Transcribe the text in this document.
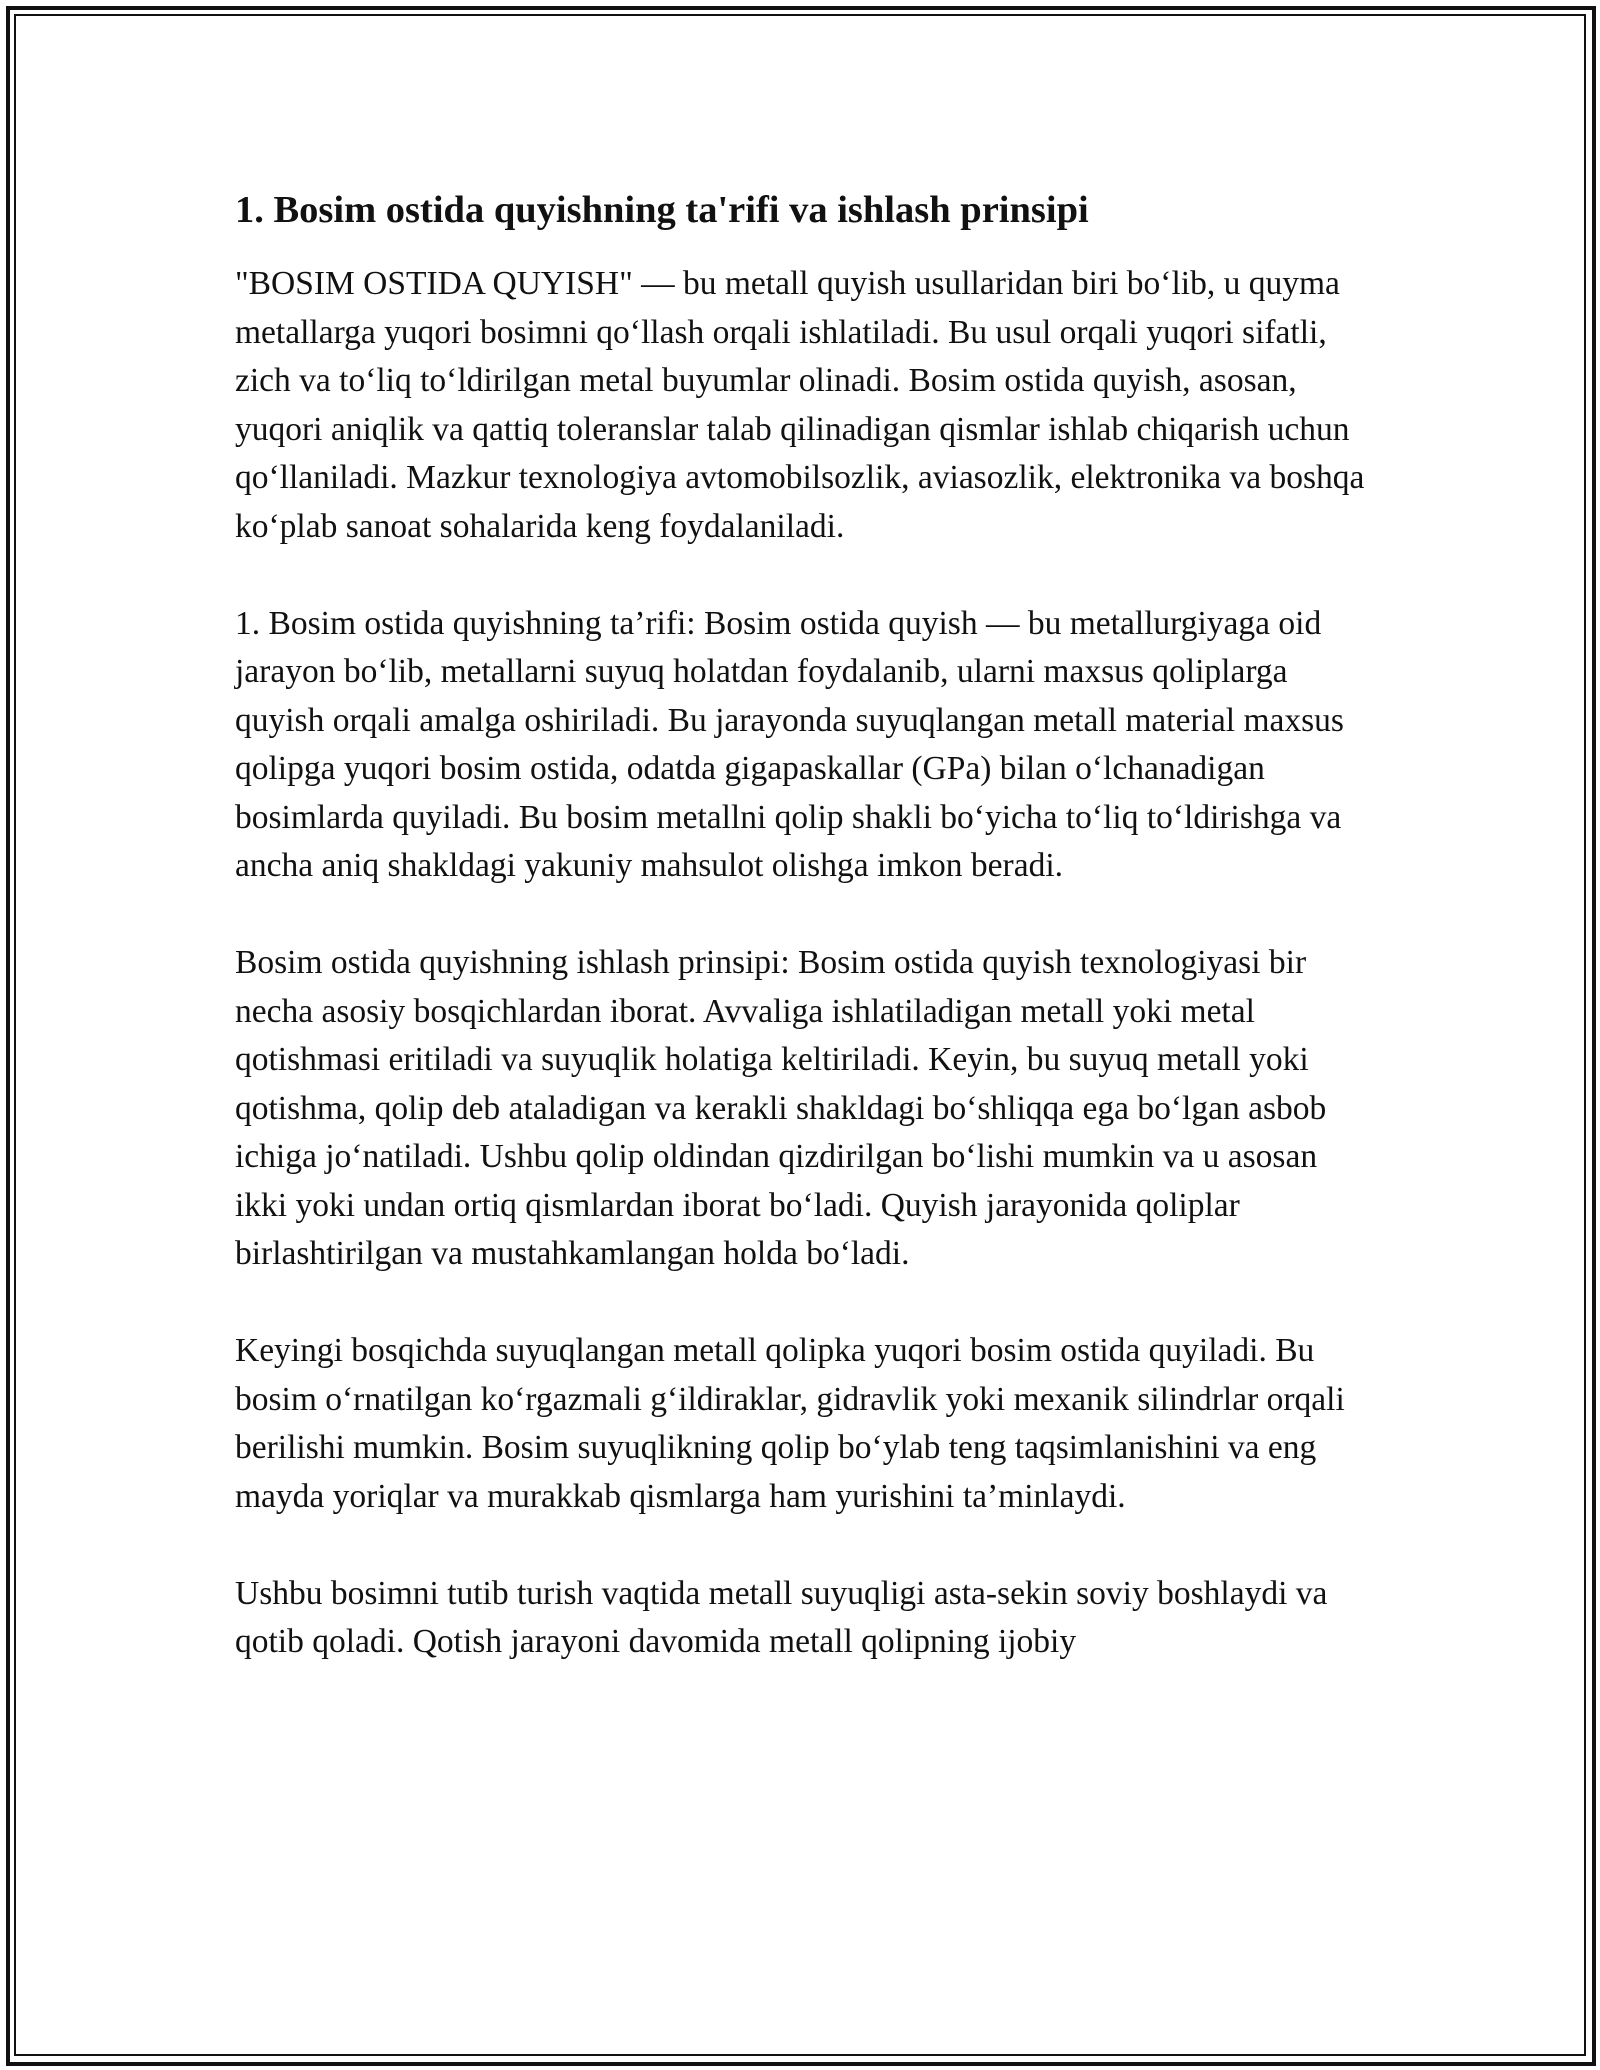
1. Bosim ostida quyishning ta'rifi va ishlash prinsipi

"BOSIM OSTIDA QUYISH" — bu metall quyish usullaridan biri bo‘lib, u quyma metallarga yuqori bosimni qo‘llash orqali ishlatiladi. Bu usul orqali yuqori sifatli, zich va to‘liq to‘ldirilgan metal buyumlar olinadi. Bosim ostida quyish, asosan, yuqori aniqlik va qattiq toleranslar talab qilinadigan qismlar ishlab chiqarish uchun qo‘llaniladi. Mazkur texnologiya avtomobilsozlik, aviasozlik, elektronika va boshqa ko‘plab sanoat sohalarida keng foydalaniladi.

1. Bosim ostida quyishning ta’rifi: Bosim ostida quyish — bu metallurgiyaga oid jarayon bo‘lib, metallarni suyuq holatdan foydalanib, ularni maxsus qoliplarga quyish orqali amalga oshiriladi. Bu jarayonda suyuqlangan metall material maxsus qolipga yuqori bosim ostida, odatda gigapaskallar (GPa) bilan o‘lchanadigan bosimlarda quyiladi. Bu bosim metallni qolip shakli bo‘yicha to‘liq to‘ldirishga va ancha aniq shakldagi yakuniy mahsulot olishga imkon beradi.

Bosim ostida quyishning ishlash prinsipi: Bosim ostida quyish texnologiyasi bir necha asosiy bosqichlardan iborat. Avvaliga ishlatiladigan metall yoki metal qotishmasi eritiladi va suyuqlik holatiga keltiriladi. Keyin, bu suyuq metall yoki qotishma, qolip deb ataladigan va kerakli shakldagi bo‘shliqqa ega bo‘lgan asbob ichiga jo‘natiladi. Ushbu qolip oldindan qizdirilgan bo‘lishi mumkin va u asosan ikki yoki undan ortiq qismlardan iborat bo‘ladi. Quyish jarayonida qoliplar birlashtirilgan va mustahkamlangan holda bo‘ladi.

Keyingi bosqichda suyuqlangan metall qolipka yuqori bosim ostida quyiladi. Bu bosim o‘rnatilgan ko‘rgazmali g‘ildiraklar, gidravlik yoki mexanik silindrlar orqali berilishi mumkin. Bosim suyuqlikning qolip bo‘ylab teng taqsimlanishini va eng mayda yoriqlar va murakkab qismlarga ham yurishini ta’minlaydi.

Ushbu bosimni tutib turish vaqtida metall suyuqligi asta-sekin soviy boshlaydi va qotib qoladi. Qotish jarayoni davomida metall qolipning ijobiy
